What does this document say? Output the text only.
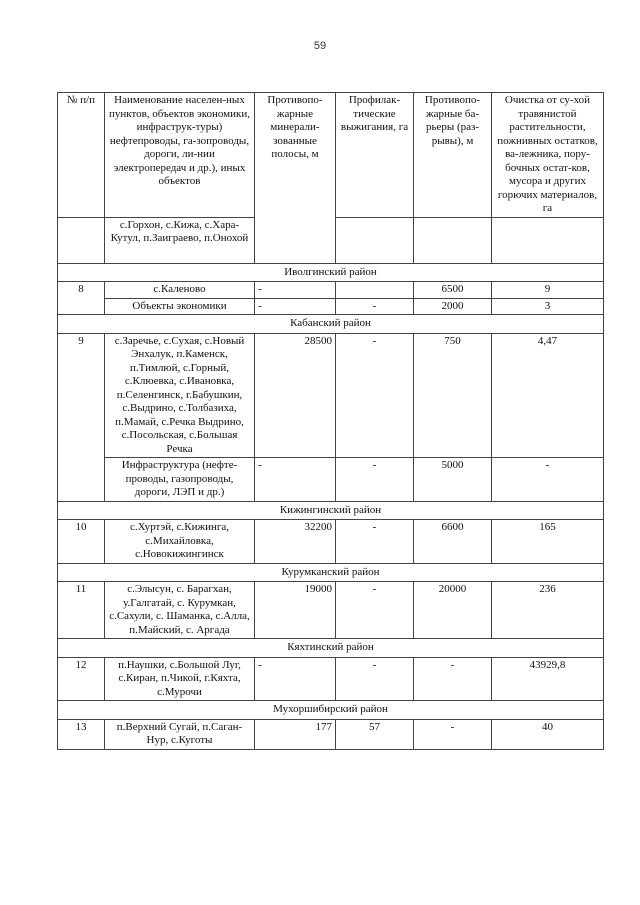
59
№ п/п	Наименование населен-ных пунктов, объектов экономики, инфраструк-туры) нефтепроводы, га-зопроводы, дороги, ли-нии электропередач и др.), иных объектов	Противопо-жарные минерали-зованные полосы, м	Профилак-тические выжигания, га	Противопо-жарные ба-рьеры (раз-рывы), м	Очистка от су-хой травянистой растительности, пожнивных остатков, ва-лежника, пору-бочных остат-ков, мусора и других горючих материалов, га
	с.Горхон, с.Кижа, с.Хара-Кутул, п.Заиграево, п.Онохой				
Иволгинский район					
8	с.Каленово	-		6500	9
	Объекты экономики	-	-	2000	3
Кабанский район					
9	с.Заречье, с.Сухая, с.Новый Энхалук, п.Каменск, п.Тимлюй, с.Горный, с.Клюевка, с.Ивановка, п.Селенгинск, г.Бабушкин, с.Выдрино, с.Толбазиха, п.Мамай, с.Речка Выдрино, с.Посольская, с.Большая Речка	28500	-	750	4,47
	Инфраструктура (нефте-проводы, газопроводы, дороги, ЛЭП и др.)	-	-	5000	-
Кижингинский район					
10	с.Хуртэй, с.Кижинга, с.Михайловка, с.Новокижингинск	32200	-	6600	165
Курумканский район					
11	с.Элысун, с. Барагхан, у.Галгатай, с. Курумкан, с.Сахули, с. Шаманка, с.Алла, п.Майский, с. Аргада	19000	-	20000	236
Кяхтинский район					
12	п.Наушки, с.Большой Луг, с.Киран, п.Чикой, г.Кяхта, с.Мурочи	-	-	-	43929,8
Мухоршибирский район					
13	п.Верхний Сугай, п.Саган-Нур, с.Куготы	177	57	-	40
